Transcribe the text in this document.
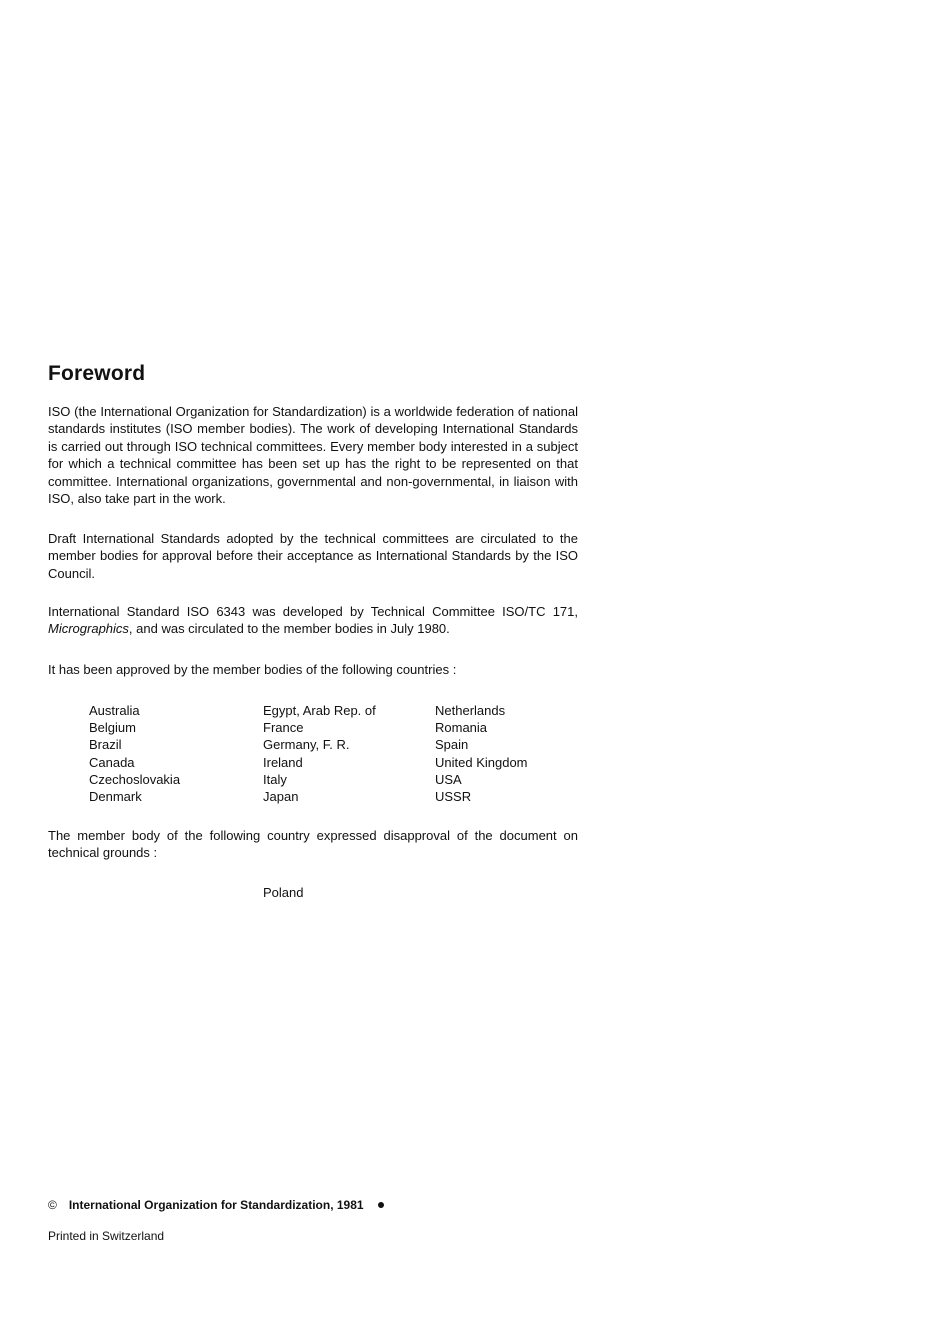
Foreword

ISO (the International Organization for Standardization) is a worldwide federation of national standards institutes (ISO member bodies). The work of developing International Standards is carried out through ISO technical committees. Every member body interested in a subject for which a technical committee has been set up has the right to be represented on that committee. International organizations, governmental and non-governmental, in liaison with ISO, also take part in the work.

Draft International Standards adopted by the technical committees are circulated to the member bodies for approval before their acceptance as International Standards by the ISO Council.

International Standard ISO 6343 was developed by Technical Committee ISO/TC 171, Micrographics, and was circulated to the member bodies in July 1980.

It has been approved by the member bodies of the following countries :

Australia
Belgium
Brazil
Canada
Czechoslovakia
Denmark
Egypt, Arab Rep. of
France
Germany, F. R.
Ireland
Italy
Japan
Netherlands
Romania
Spain
United Kingdom
USA
USSR

The member body of the following country expressed disapproval of the document on technical grounds :

Poland
© International Organization for Standardization, 1981
Printed in Switzerland
